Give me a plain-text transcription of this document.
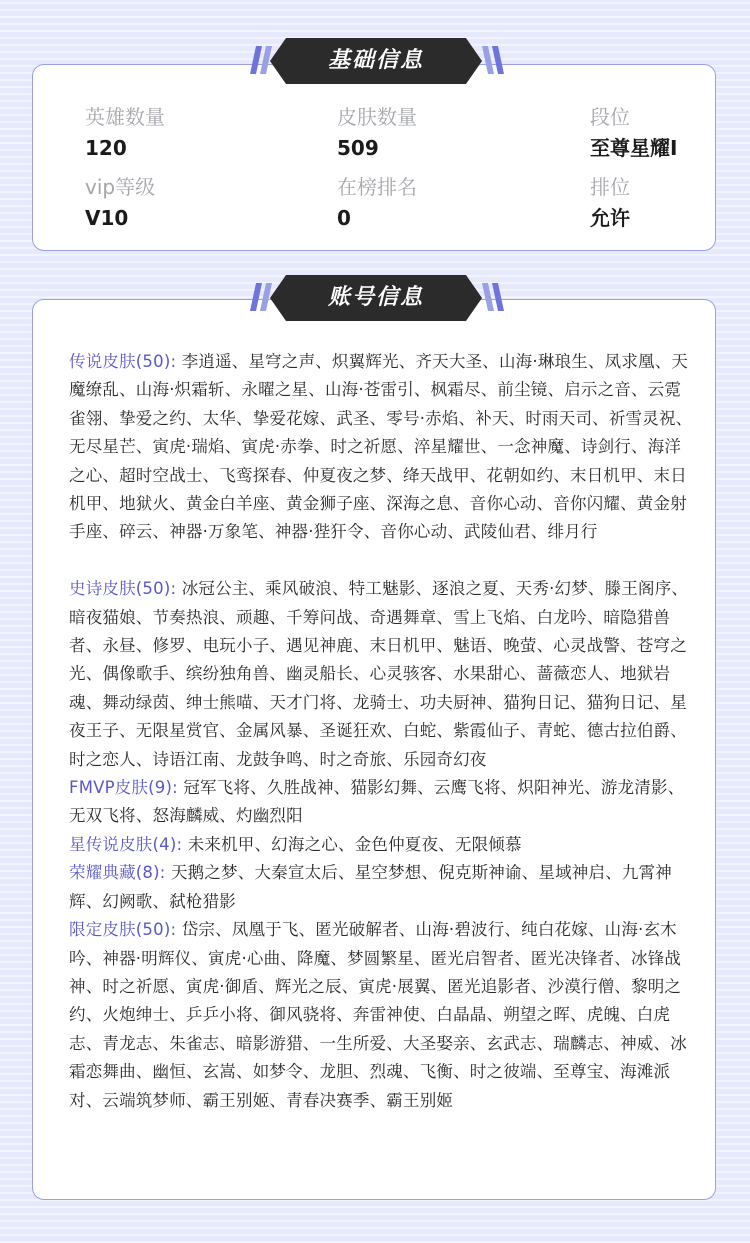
英雄数量
120
皮肤数量
509
段位
至尊星耀I
vip等级
V10
在榜排名
0
排位
允许

传说皮肤(50): 李逍遥、星穹之声、炽翼辉光、齐天大圣、山海·琳琅生、凤求凰、天魔缭乱、山海·炽霜斩、永曜之星、山海·苍雷引、枫霜尽、前尘镜、启示之音、云霓雀翎、挚爱之约、太华、挚爱花嫁、武圣、零号·赤焰、补天、时雨天司、祈雪灵祝、无尽星芒、寅虎·瑞焰、寅虎·赤拳、时之祈愿、淬星耀世、一念神魔、诗剑行、海洋之心、超时空战士、飞鸾探春、仲夏夜之梦、绛天战甲、花朝如约、末日机甲、末日机甲、地狱火、黄金白羊座、黄金狮子座、深海之息、音你心动、音你闪耀、黄金射手座、碎云、神器·万象笔、神器·狴犴令、音你心动、武陵仙君、绯月行

史诗皮肤(50): 冰冠公主、乘风破浪、特工魅影、逐浪之夏、天秀·幻梦、滕王阁序、暗夜猫娘、节奏热浪、顽趣、千筹问战、奇遇舞章、雪上飞焰、白龙吟、暗隐猎兽者、永昼、修罗、电玩小子、遇见神鹿、末日机甲、魅语、晚萤、心灵战警、苍穹之光、偶像歌手、缤纷独角兽、幽灵船长、心灵骇客、水果甜心、蔷薇恋人、地狱岩魂、舞动绿茵、绅士熊喵、天才门将、龙骑士、功夫厨神、猫狗日记、猫狗日记、星夜王子、无限星赏官、金属风暴、圣诞狂欢、白蛇、紫霞仙子、青蛇、德古拉伯爵、时之恋人、诗语江南、龙鼓争鸣、时之奇旅、乐园奇幻夜

FMVP皮肤(9): 冠军飞将、久胜战神、猫影幻舞、云鹰飞将、炽阳神光、游龙清影、无双飞将、怒海麟威、灼幽烈阳

星传说皮肤(4): 未来机甲、幻海之心、金色仲夏夜、无限倾慕

荣耀典藏(8): 天鹅之梦、大秦宣太后、星空梦想、倪克斯神谕、星域神启、九霄神辉、幻阙歌、弑枪猎影

限定皮肤(50): 岱宗、凤凰于飞、匿光破解者、山海·碧波行、纯白花嫁、山海·玄木吟、神器·明辉仪、寅虎·心曲、降魔、梦圆繁星、匿光启智者、匿光决锋者、冰锋战神、时之祈愿、寅虎·御盾、辉光之辰、寅虎·展翼、匿光追影者、沙漠行僧、黎明之约、火炮绅士、乒乒小将、御风骁将、奔雷神使、白晶晶、朔望之晖、虎魄、白虎志、青龙志、朱雀志、暗影游猎、一生所爱、大圣娶亲、玄武志、瑞麟志、神威、冰霜恋舞曲、幽恒、玄嵩、如梦令、龙胆、烈魂、飞衡、时之彼端、至尊宝、海滩派对、云端筑梦师、霸王别姬、青春决赛季、霸王别姬

基础信息
账号信息
